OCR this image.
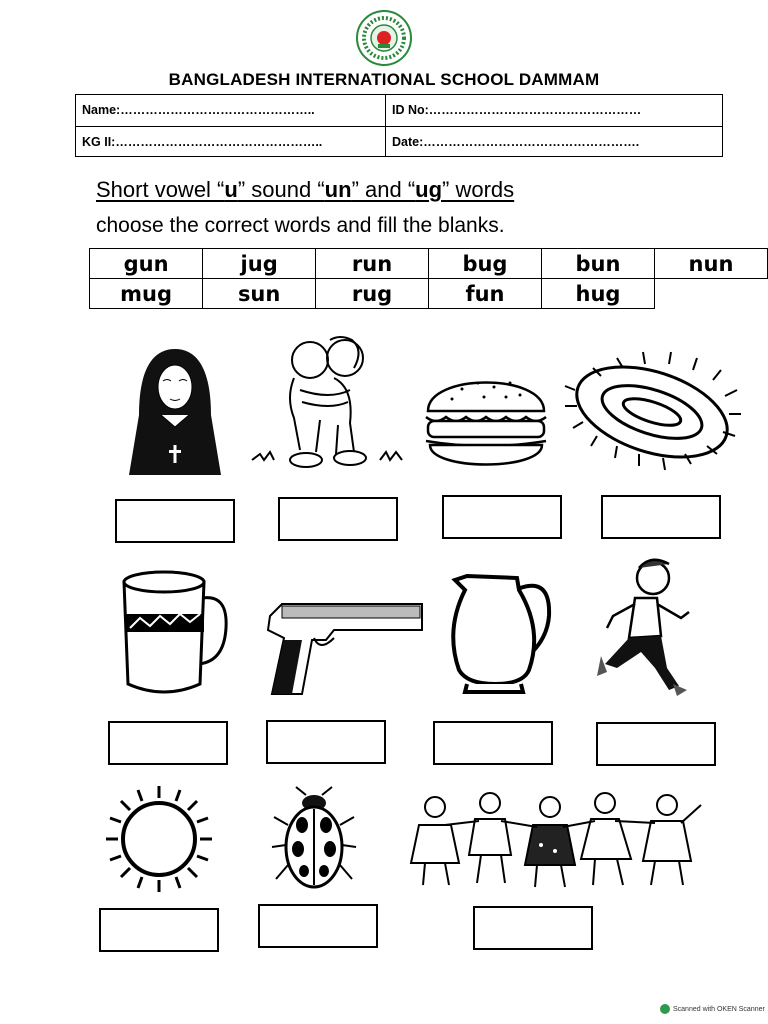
BANGLADESH INTERNATIONAL SCHOOL DAMMAM
Name:………………………………………..	ID No:……………………………………………
KG II:…………………………………………..	Date:…………………………………………….
Short vowel “u” sound “un” and “ug” words
choose the correct words and fill the blanks.
gun	jug	run	bug	bun	nun
mug	sun	rug	fun	hug	
Scanned with OKEN Scanner
